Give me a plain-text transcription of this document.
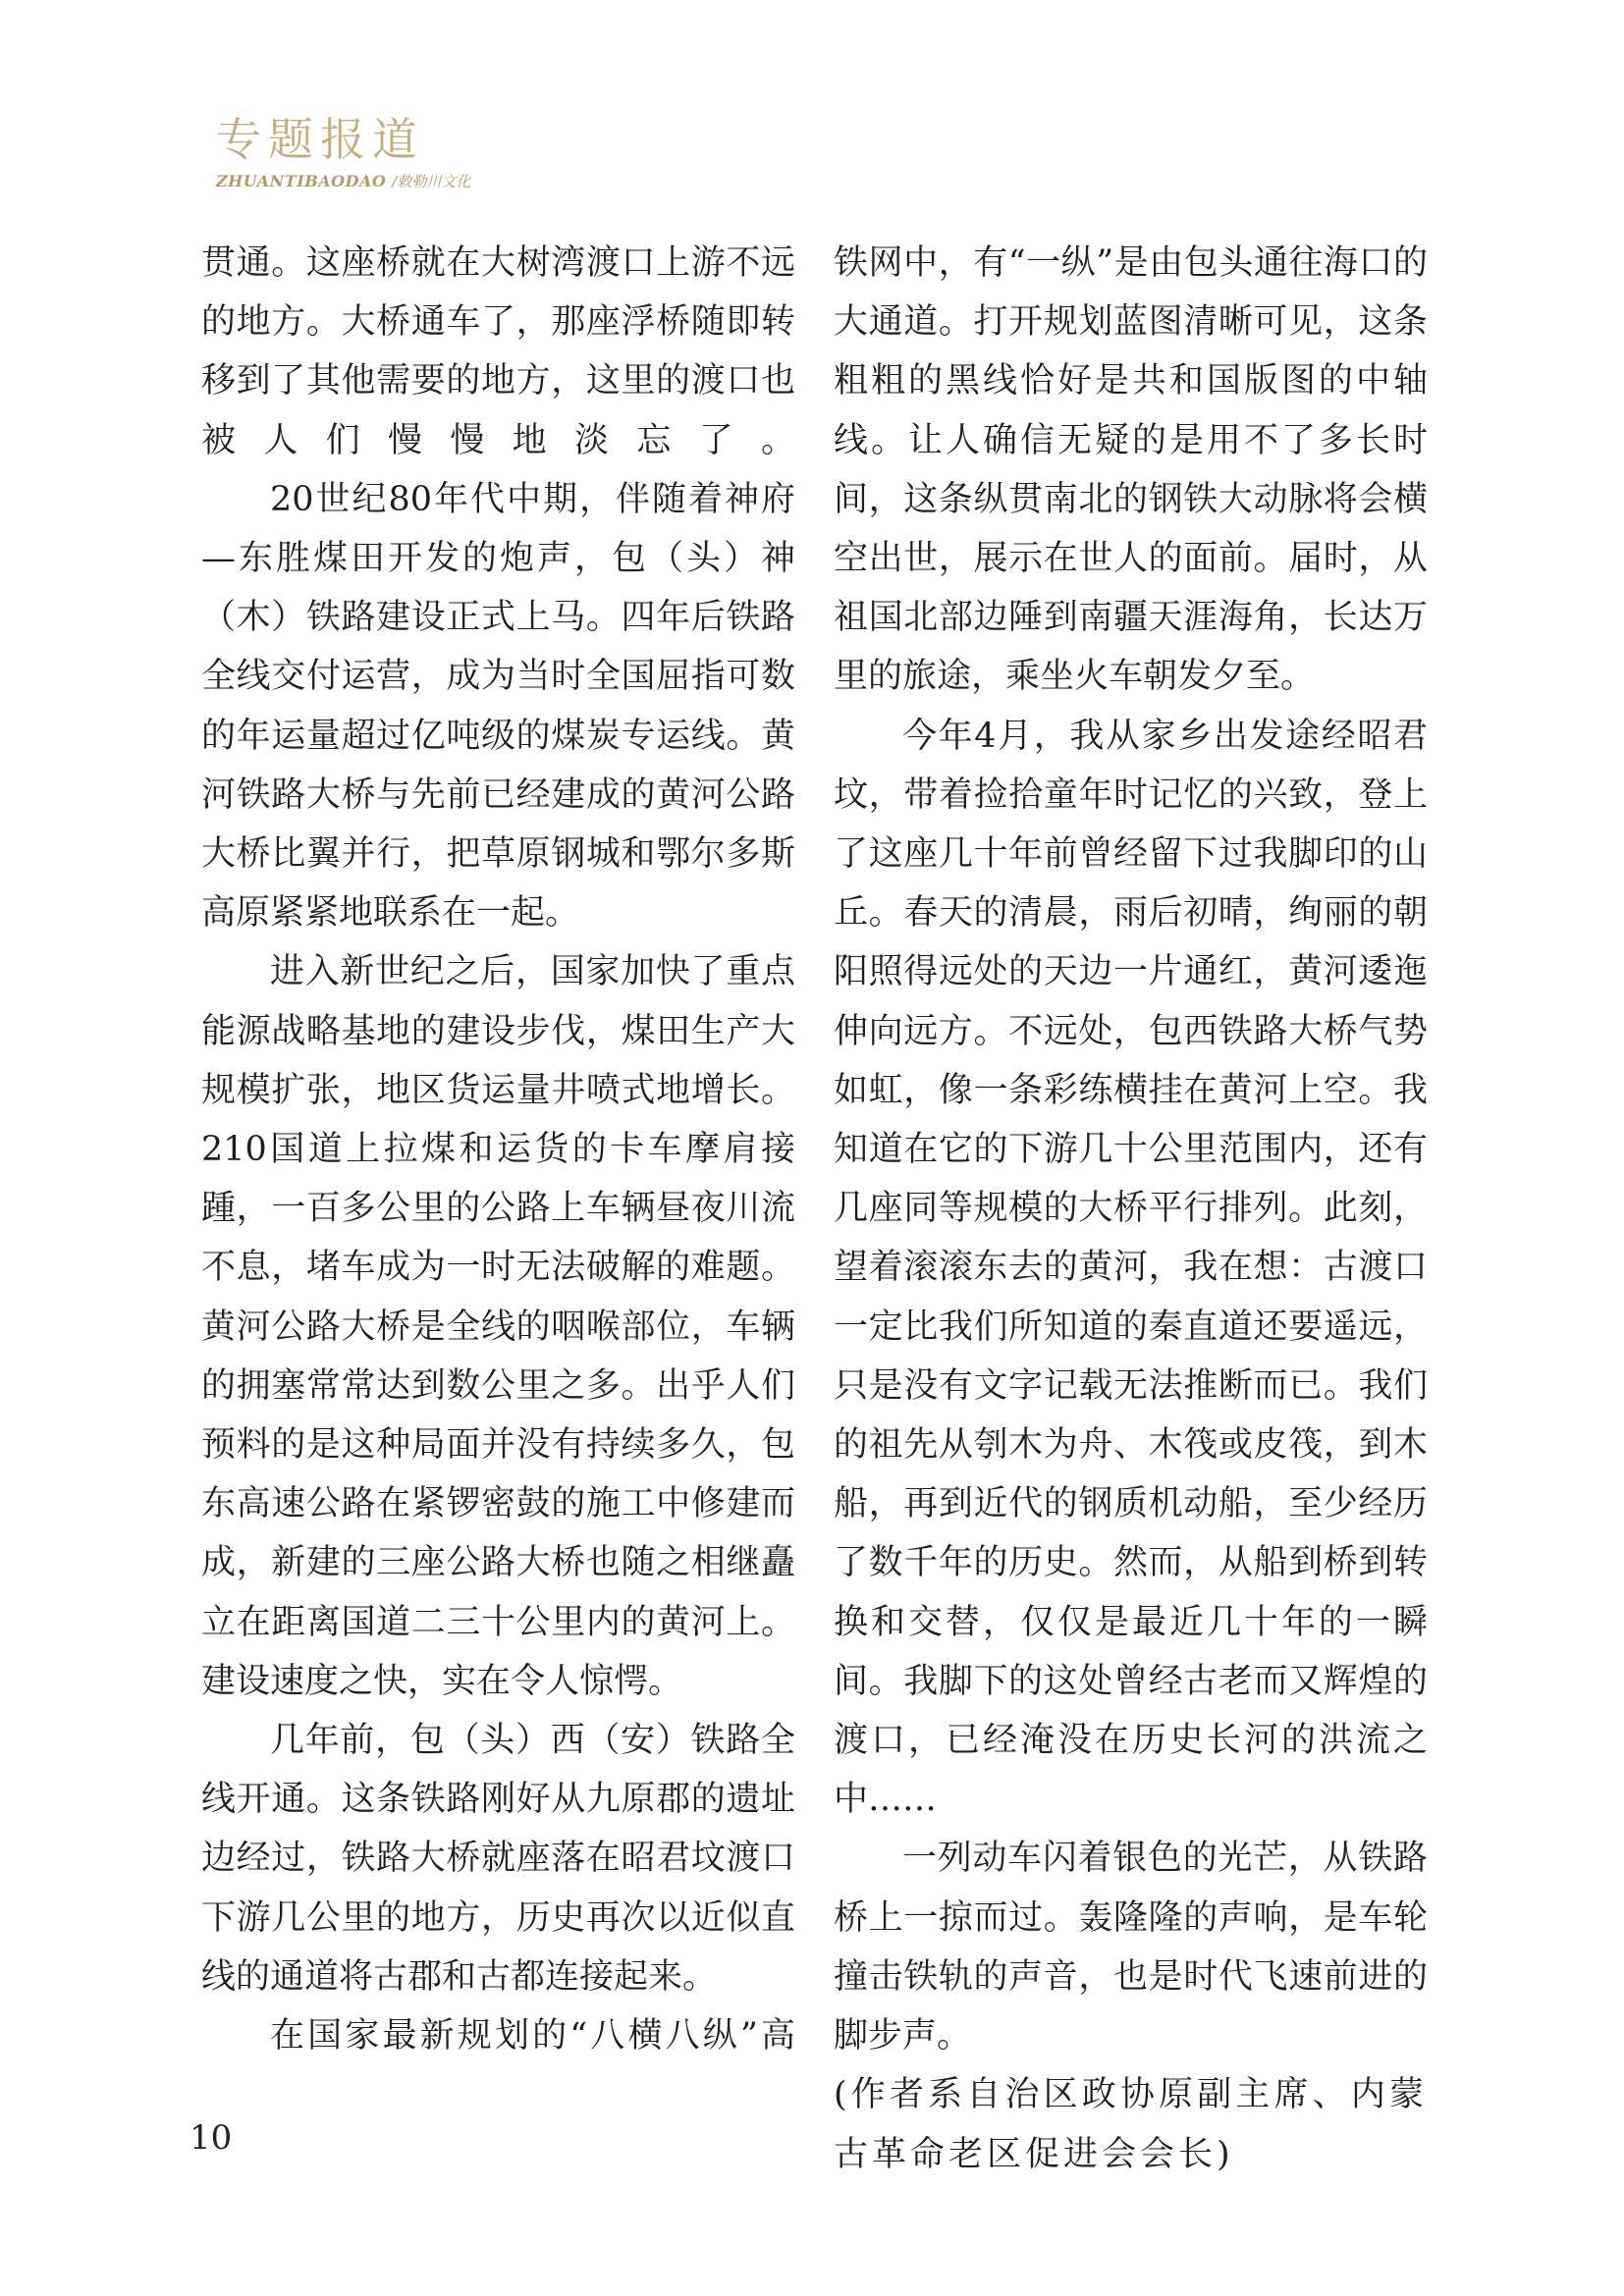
专题报道
ZHUANTIBAODAO /敕勒川文化

贯通。这座桥就在大树湾渡口上游不远的地方。大桥通车了，那座浮桥随即转移到了其他需要的地方，这里的渡口也被人们慢慢地淡忘了。

20世纪80年代中期，伴随着神府—东胜煤田开发的炮声，包（头）神（木）铁路建设正式上马。四年后铁路全线交付运营，成为当时全国屈指可数的年运量超过亿吨级的煤炭专运线。黄河铁路大桥与先前已经建成的黄河公路大桥比翼并行，把草原钢城和鄂尔多斯高原紧紧地联系在一起。

进入新世纪之后，国家加快了重点能源战略基地的建设步伐，煤田生产大规模扩张，地区货运量井喷式地增长。210国道上拉煤和运货的卡车摩肩接踵，一百多公里的公路上车辆昼夜川流不息，堵车成为一时无法破解的难题。黄河公路大桥是全线的咽喉部位，车辆的拥塞常常达到数公里之多。出乎人们预料的是这种局面并没有持续多久，包东高速公路在紧锣密鼓的施工中修建而成，新建的三座公路大桥也随之相继矗立在距离国道二三十公里内的黄河上。建设速度之快，实在令人惊愕。

几年前，包（头）西（安）铁路全线开通。这条铁路刚好从九原郡的遗址边经过，铁路大桥就座落在昭君坟渡口下游几公里的地方，历史再次以近似直线的通道将古郡和古都连接起来。

在国家最新规划的“八横八纵”高

铁网中，有“一纵”是由包头通往海口的大通道。打开规划蓝图清晰可见，这条粗粗的黑线恰好是共和国版图的中轴线。让人确信无疑的是用不了多长时间，这条纵贯南北的钢铁大动脉将会横空出世，展示在世人的面前。届时，从祖国北部边陲到南疆天涯海角，长达万里的旅途，乘坐火车朝发夕至。

今年4月，我从家乡出发途经昭君坟，带着捡拾童年时记忆的兴致，登上了这座几十年前曾经留下过我脚印的山丘。春天的清晨，雨后初晴，绚丽的朝阳照得远处的天边一片通红，黄河逶迤伸向远方。不远处，包西铁路大桥气势如虹，像一条彩练横挂在黄河上空。我知道在它的下游几十公里范围内，还有几座同等规模的大桥平行排列。此刻，望着滚滚东去的黄河，我在想：古渡口一定比我们所知道的秦直道还要遥远，只是没有文字记载无法推断而已。我们的祖先从刳木为舟、木筏或皮筏，到木船，再到近代的钢质机动船，至少经历了数千年的历史。然而，从船到桥到转换和交替，仅仅是最近几十年的一瞬间。我脚下的这处曾经古老而又辉煌的渡口，已经淹没在历史长河的洪流之中……

一列动车闪着银色的光芒，从铁路桥上一掠而过。轰隆隆的声响，是车轮撞击铁轨的声音，也是时代飞速前进的脚步声。

(作者系自治区政协原副主席、内蒙古革命老区促进会会长)

10
